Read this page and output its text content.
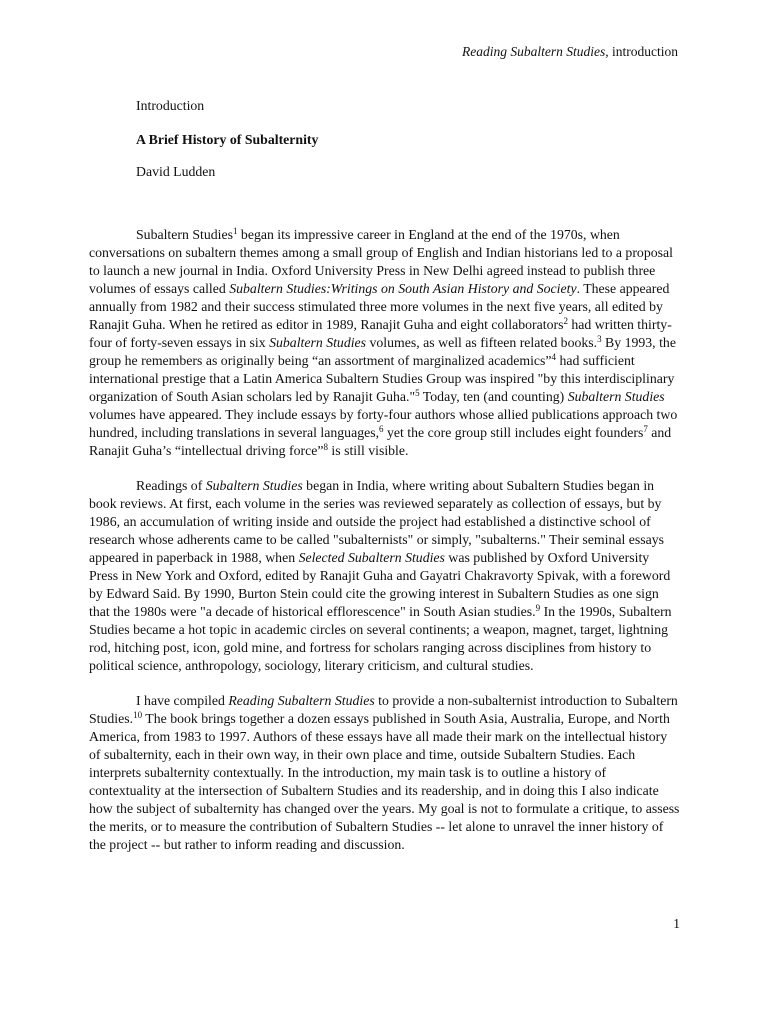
Reading Subaltern Studies, introduction
Introduction
A Brief History of Subalternity
David Ludden

Subaltern Studies$^1$ began its impressive career in England at the end of the 1970s, when conversations on subaltern themes among a small group of English and Indian historians led to a proposal to launch a new journal in India. Oxford University Press in New Delhi agreed instead to publish three volumes of essays called Subaltern Studies:Writings on South Asian History and Society. These appeared annually from 1982 and their success stimulated three more volumes in the next five years, all edited by Ranajit Guha. When he retired as editor in 1989, Ranajit Guha and eight collaborators$^2$ had written thirty-four of forty-seven essays in six Subaltern Studies volumes, as well as fifteen related books.$^3$ By 1993, the group he remembers as originally being “an assortment of marginalized academics”$^4$ had sufficient international prestige that a Latin America Subaltern Studies Group was inspired "by this interdisciplinary organization of South Asian scholars led by Ranajit Guha."$^5$ Today, ten (and counting) Subaltern Studies volumes have appeared. They include essays by forty-four authors whose allied publications approach two hundred, including translations in several languages,$^6$ yet the core group still includes eight founders$^7$ and Ranajit Guha’s “intellectual driving force”$^8$ is still visible.

Readings of Subaltern Studies began in India, where writing about Subaltern Studies began in book reviews. At first, each volume in the series was reviewed separately as collection of essays, but by 1986, an accumulation of writing inside and outside the project had established a distinctive school of research whose adherents came to be called "subalternists" or simply, "subalterns." Their seminal essays appeared in paperback in 1988, when Selected Subaltern Studies was published by Oxford University Press in New York and Oxford, edited by Ranajit Guha and Gayatri Chakravorty Spivak, with a foreword by Edward Said. By 1990, Burton Stein could cite the growing interest in Subaltern Studies as one sign that the 1980s were "a decade of historical efflorescence" in South Asian studies.$^9$ In the 1990s, Subaltern Studies became a hot topic in academic circles on several continents; a weapon, magnet, target, lightning rod, hitching post, icon, gold mine, and fortress for scholars ranging across disciplines from history to political science, anthropology, sociology, literary criticism, and cultural studies.

I have compiled Reading Subaltern Studies to provide a non-subalternist introduction to Subaltern Studies.$^{10}$ The book brings together a dozen essays published in South Asia, Australia, Europe, and North America, from 1983 to 1997. Authors of these essays have all made their mark on the intellectual history of subalternity, each in their own way, in their own place and time, outside Subaltern Studies. Each interprets subalternity contextually. In the introduction, my main task is to outline a history of contextuality at the intersection of Subaltern Studies and its readership, and in doing this I also indicate how the subject of subalternity has changed over the years. My goal is not to formulate a critique, to assess the merits, or to measure the contribution of Subaltern Studies -- let alone to unravel the inner history of the project -- but rather to inform reading and discussion.

1
